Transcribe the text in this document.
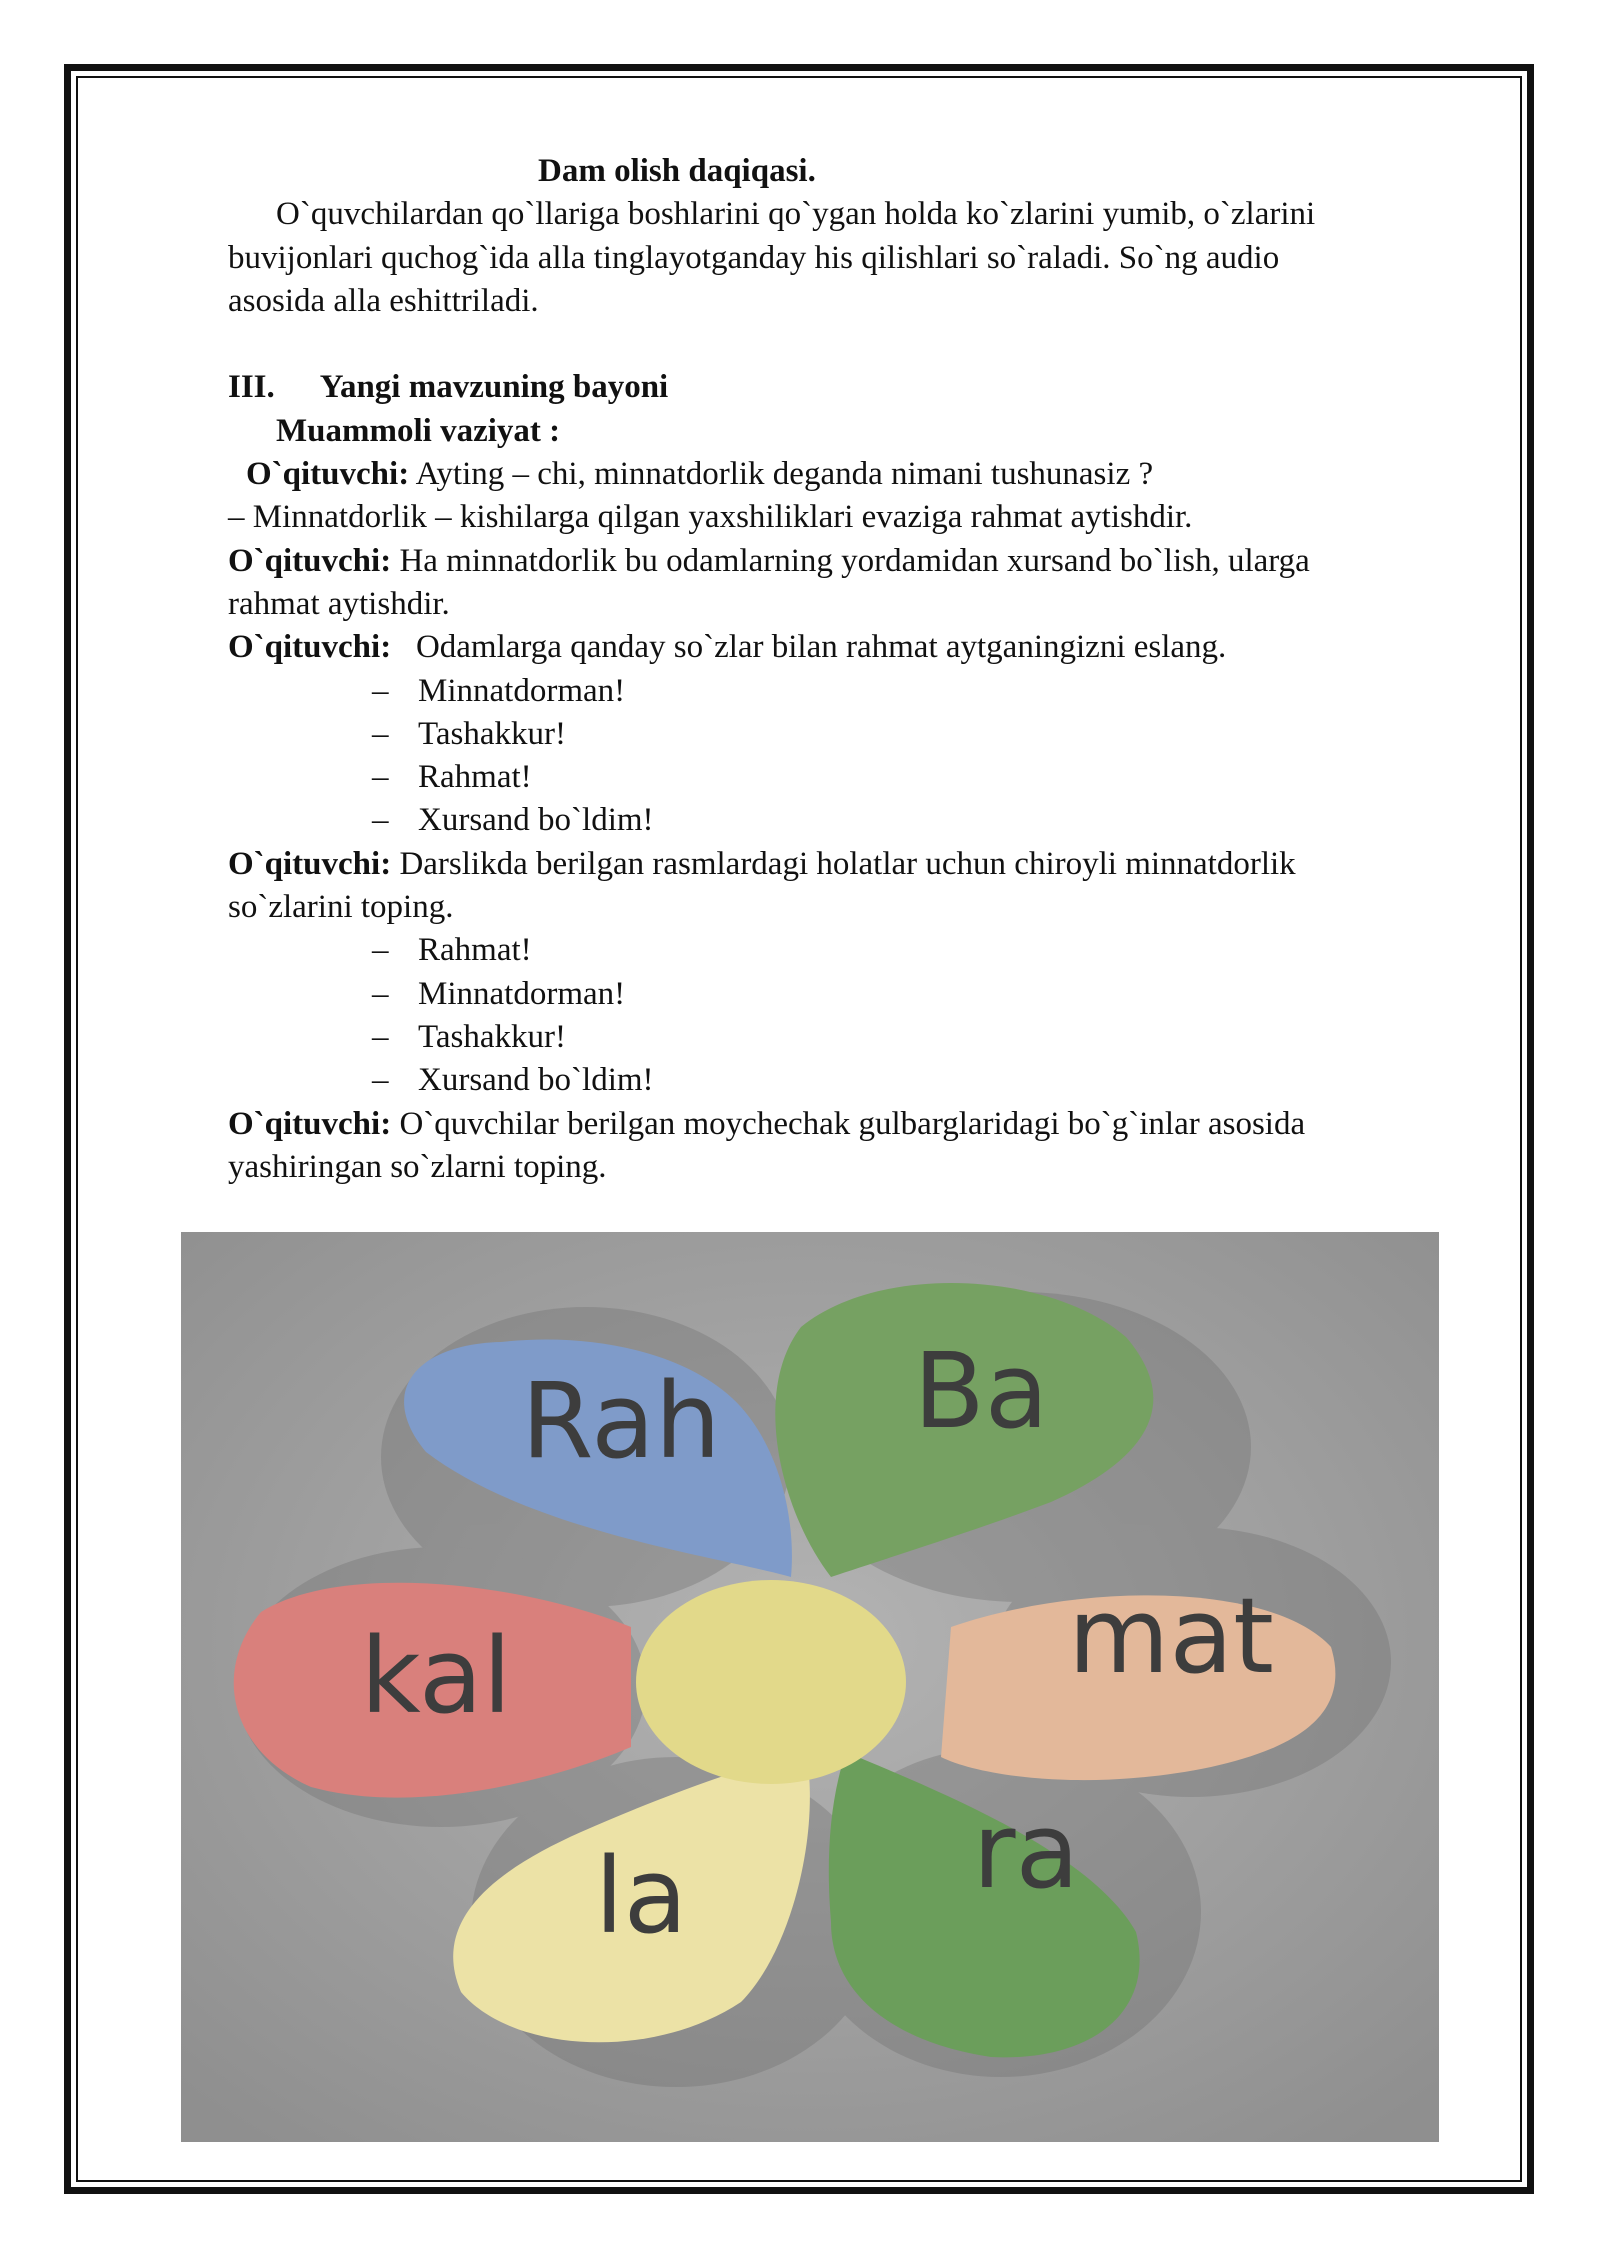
Dam olish daqiqasi.
O`quvchilardan qo`llariga boshlarini qo`ygan holda ko`zlarini yumib, o`zlarini
buvijonlari quchog`ida alla tinglayotganday his qilishlari so`raladi. So`ng audio
asosida alla eshittriladi.
III. Yangi mavzuning bayoni
Muammoli vaziyat :
O`qituvchi: Ayting – chi, minnatdorlik deganda nimani tushunasiz ?
– Minnatdorlik – kishilarga qilgan yaxshiliklari evaziga rahmat aytishdir.
O`qituvchi: Ha minnatdorlik bu odamlarning yordamidan xursand bo`lish, ularga
rahmat aytishdir.
O`qituvchi: Odamlarga qanday so`zlar bilan rahmat aytganingizni eslang.
– Minnatdorman!
– Tashakkur!
– Rahmat!
– Xursand bo`ldim!
O`qituvchi: Darslikda berilgan rasmlardagi holatlar uchun chiroyli minnatdorlik
so`zlarini toping.
– Rahmat!
– Minnatdorman!
– Tashakkur!
– Xursand bo`ldim!
O`qituvchi: O`quvchilar berilgan moychechak gulbarglaridagi bo`g`inlar asosida
yashiringan so`zlarni toping.
Rah Ba
mat
ra
la
kal
